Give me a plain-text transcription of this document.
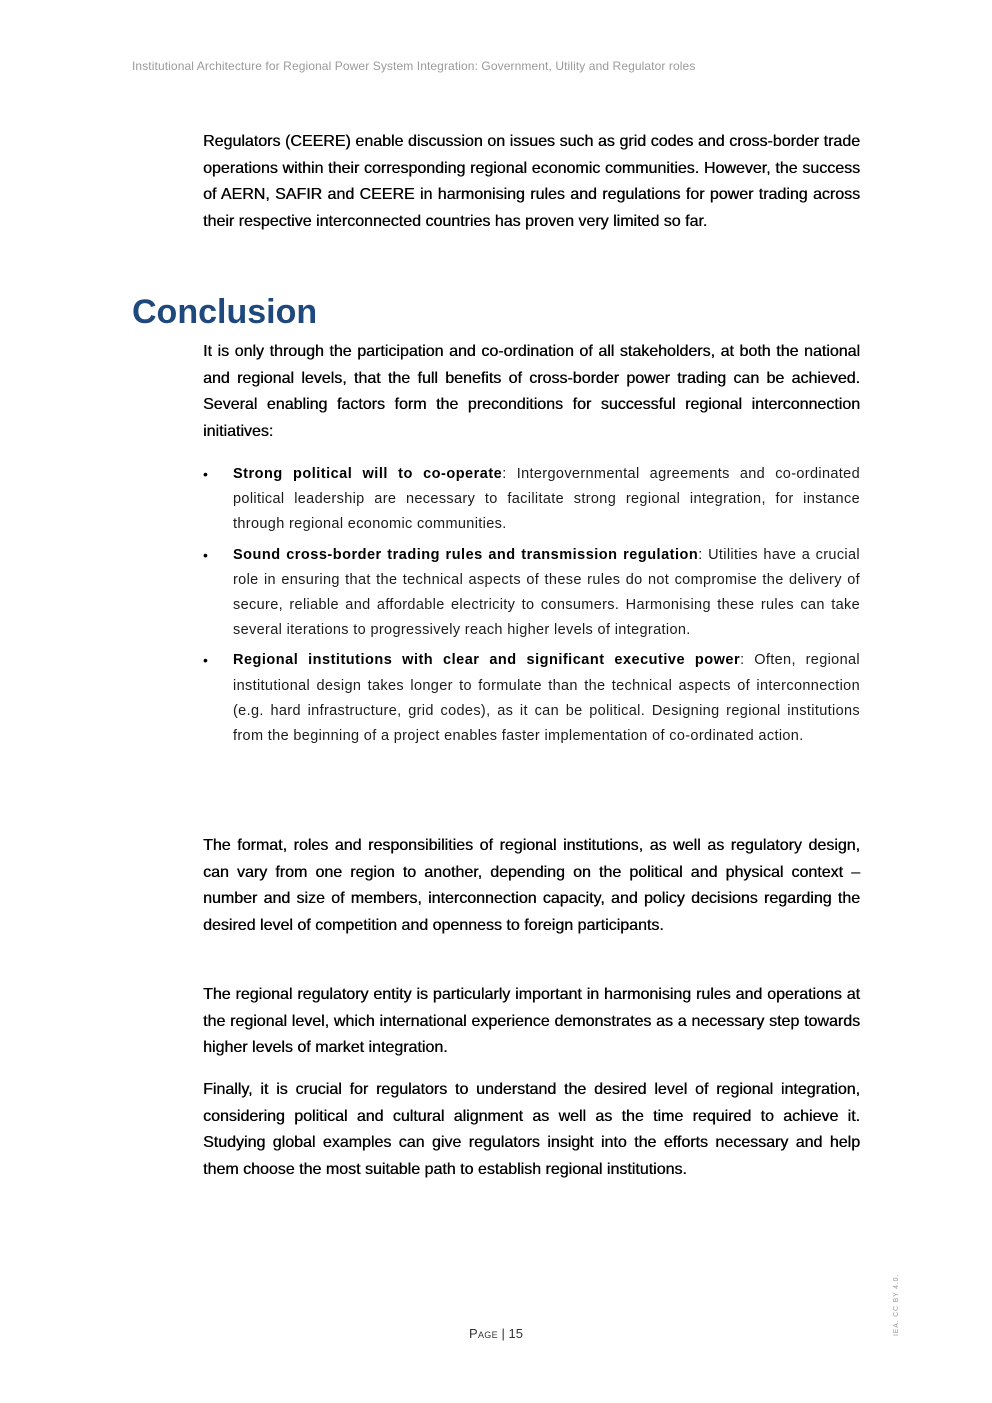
Institutional Architecture for Regional Power System Integration: Government, Utility and Regulator roles

Regulators (CEERE) enable discussion on issues such as grid codes and cross-border trade operations within their corresponding regional economic communities. However, the success of AERN, SAFIR and CEERE in harmonising rules and regulations for power trading across their respective interconnected countries has proven very limited so far.

Conclusion

It is only through the participation and co-ordination of all stakeholders, at both the national and regional levels, that the full benefits of cross-border power trading can be achieved. Several enabling factors form the preconditions for successful regional interconnection initiatives:

• Strong political will to co-operate: Intergovernmental agreements and co-ordinated political leadership are necessary to facilitate strong regional integration, for instance through regional economic communities.
• Sound cross-border trading rules and transmission regulation: Utilities have a crucial role in ensuring that the technical aspects of these rules do not compromise the delivery of secure, reliable and affordable electricity to consumers. Harmonising these rules can take several iterations to progressively reach higher levels of integration.
• Regional institutions with clear and significant executive power: Often, regional institutional design takes longer to formulate than the technical aspects of interconnection (e.g. hard infrastructure, grid codes), as it can be political. Designing regional institutions from the beginning of a project enables faster implementation of co-ordinated action.

The format, roles and responsibilities of regional institutions, as well as regulatory design, can vary from one region to another, depending on the political and physical context – number and size of members, interconnection capacity, and policy decisions regarding the desired level of competition and openness to foreign participants.

The regional regulatory entity is particularly important in harmonising rules and operations at the regional level, which international experience demonstrates as a necessary step towards higher levels of market integration.

Finally, it is crucial for regulators to understand the desired level of regional integration, considering political and cultural alignment as well as the time required to achieve it. Studying global examples can give regulators insight into the efforts necessary and help them choose the most suitable path to establish regional institutions.

Page | 15	IEA. CC BY 4.0.
